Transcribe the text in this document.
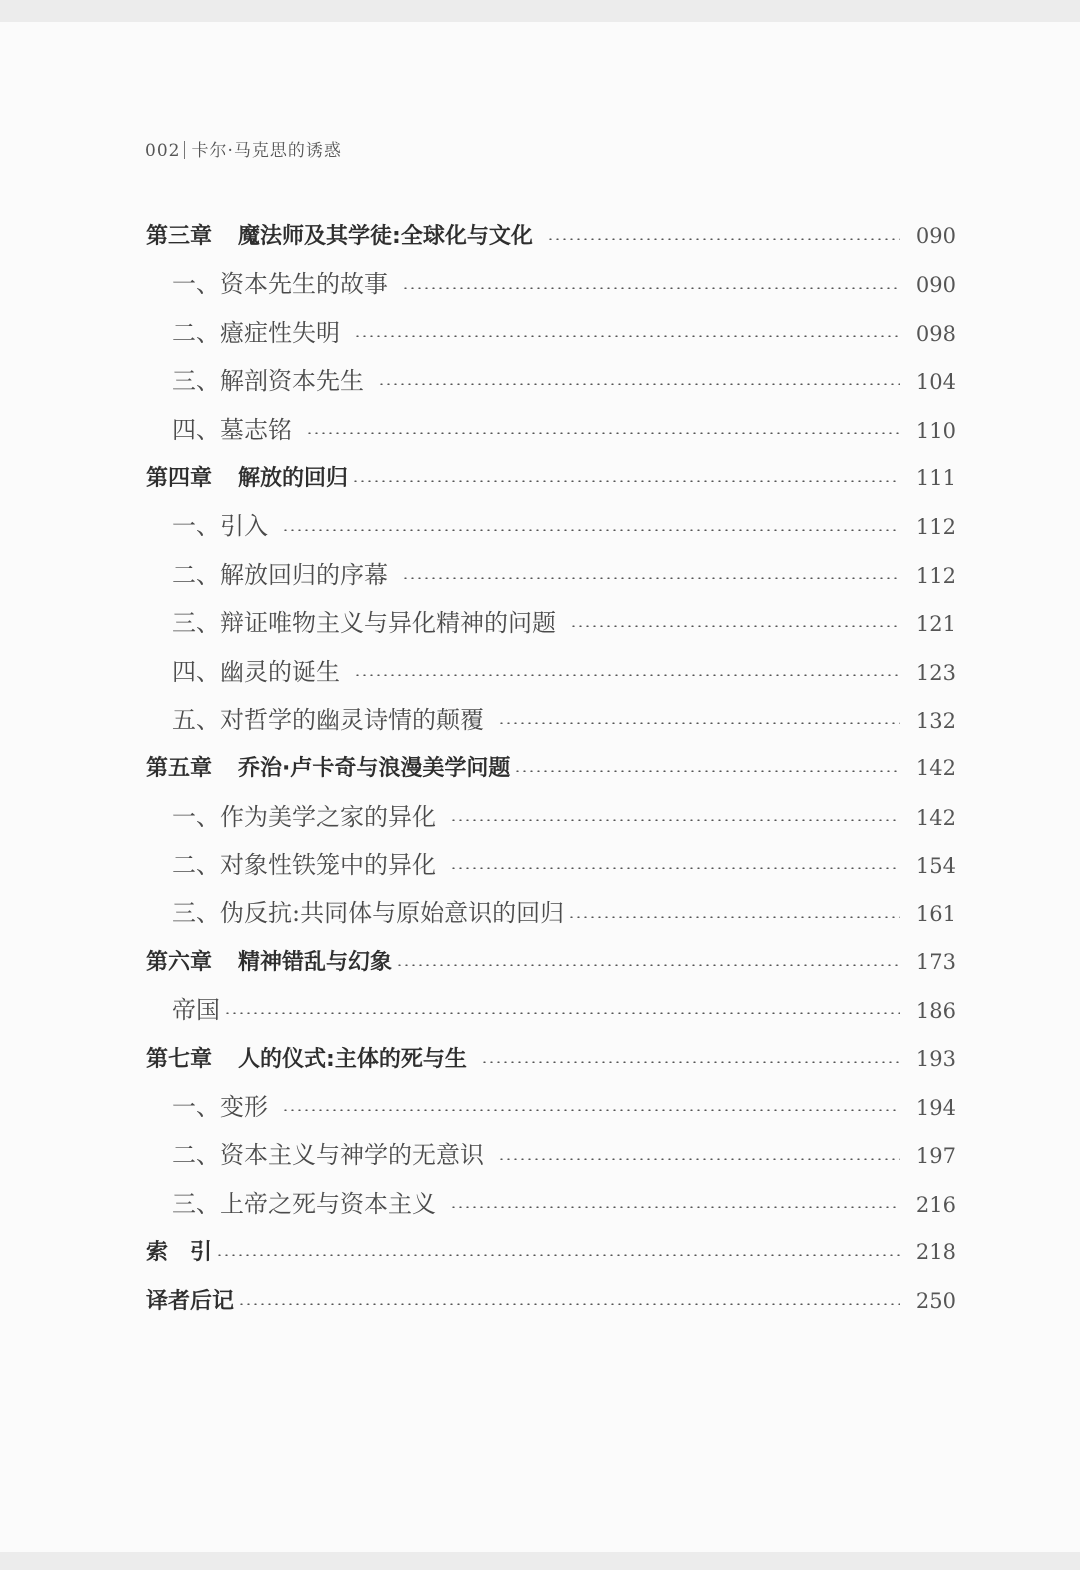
002 卡尔·马克思的诱惑
第三章 魔法师及其学徒:全球化与文化	090
一、资本先生的故事	090
二、癔症性失明	098
三、解剖资本先生	104
四、墓志铭	110
第四章 解放的回归	111
一、引入	112
二、解放回归的序幕	112
三、辩证唯物主义与异化精神的问题	121
四、幽灵的诞生	123
五、对哲学的幽灵诗情的颠覆	132
第五章 乔治·卢卡奇与浪漫美学问题	142
一、作为美学之家的异化	142
二、对象性铁笼中的异化	154
三、伪反抗:共同体与原始意识的回归	161
第六章 精神错乱与幻象	173
帝国	186
第七章 人的仪式:主体的死与生	193
一、变形	194
二、资本主义与神学的无意识	197
三、上帝之死与资本主义	216
索　引	218
译者后记	250
